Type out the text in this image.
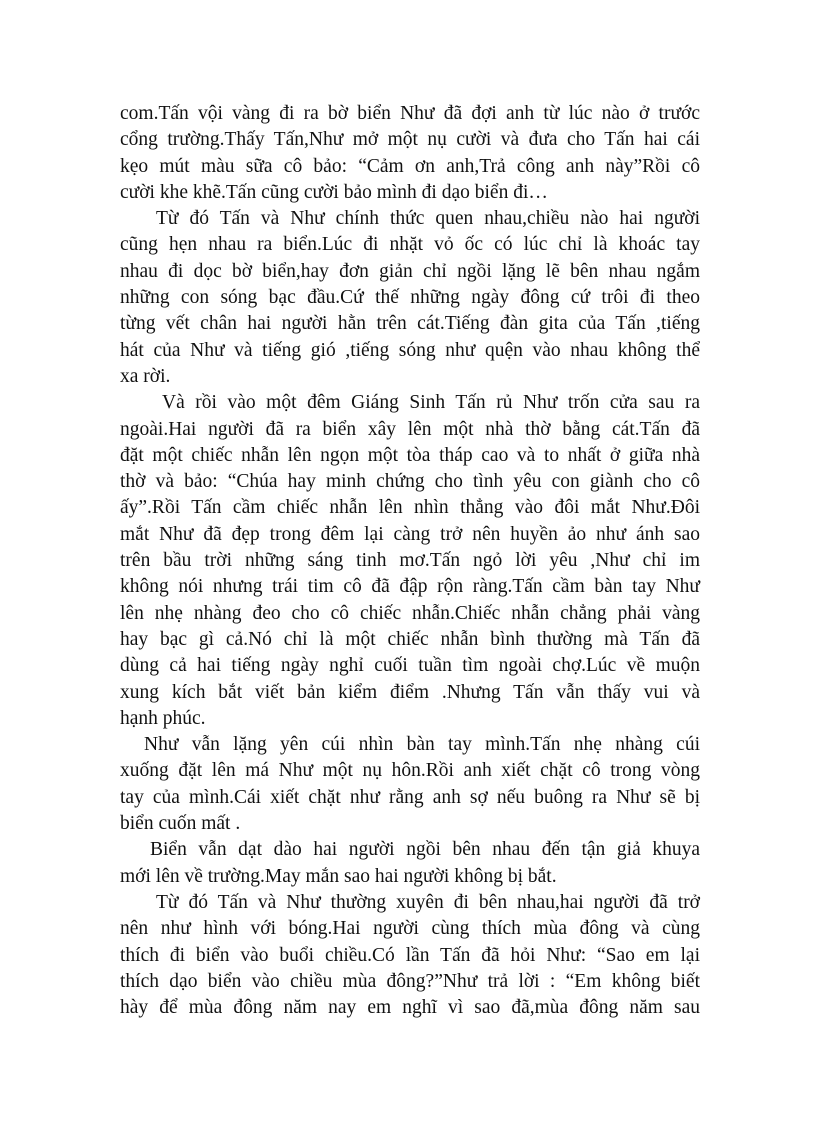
com.Tấn vội vàng đi ra bờ biển Như đã đợi anh từ lúc nào ở trước
cổng trường.Thấy Tấn,Như mở một nụ cười và đưa cho Tấn hai cái
kẹo mút màu sữa cô bảo: “Cảm ơn anh,Trả công anh này”Rồi cô
cười khe khẽ.Tấn cũng cười bảo mình đi dạo biển đi…
Từ đó Tấn và Như chính thức quen nhau,chiều nào hai người
cũng hẹn nhau ra biển.Lúc đi nhặt vỏ ốc có lúc chỉ là khoác tay
nhau đi dọc bờ biển,hay đơn giản chỉ ngồi lặng lẽ bên nhau ngắm
những con sóng bạc đầu.Cứ thế những ngày đông cứ trôi đi theo
từng vết chân hai người hằn trên cát.Tiếng đàn gita của Tấn ,tiếng
hát của Như và tiếng gió ,tiếng sóng như quện vào nhau không thể
xa rời.
Và rồi vào một đêm Giáng Sinh Tấn rủ Như trốn cửa sau ra
ngoài.Hai người đã ra biển xây lên một nhà thờ bằng cát.Tấn đã
đặt một chiếc nhẫn lên ngọn một tòa tháp cao và to nhất ở giữa nhà
thờ và bảo: “Chúa hay minh chứng cho tình yêu con giành cho cô
ấy”.Rồi Tấn cầm chiếc nhẫn lên nhìn thẳng vào đôi mắt Như.Đôi
mắt Như đã đẹp trong đêm lại càng trở nên huyền ảo như ánh sao
trên bầu trời những sáng tinh mơ.Tấn ngỏ lời yêu ,Như chỉ im
không nói nhưng trái tim cô đã đập rộn ràng.Tấn cầm bàn tay Như
lên nhẹ nhàng đeo cho cô chiếc nhẫn.Chiếc nhẫn chẳng phải vàng
hay bạc gì cả.Nó chỉ là một chiếc nhẫn bình thường mà Tấn đã
dùng cả hai tiếng ngày nghỉ cuối tuần tìm ngoài chợ.Lúc về muộn
xung kích bắt viết bản kiểm điểm .Nhưng Tấn vẫn thấy vui và
hạnh phúc.
Như vẫn lặng yên cúi nhìn bàn tay mình.Tấn nhẹ nhàng cúi
xuống đặt lên má Như một nụ hôn.Rồi anh xiết chặt cô trong vòng
tay của mình.Cái xiết chặt như rằng anh sợ nếu buông ra Như sẽ bị
biển cuốn mất .
Biển vẫn dạt dào hai người ngồi bên nhau đến tận giả khuya
mới lên về trường.May mắn sao hai người không bị bắt.
Từ đó Tấn và Như thường xuyên đi bên nhau,hai người đã trở
nên như hình với bóng.Hai người cùng thích mùa đông và cùng
thích đi biển vào buổi chiều.Có lần Tấn đã hỏi Như: “Sao em lại
thích dạo biển vào chiều mùa đông?”Như trả lời : “Em không biết
hày để mùa đông năm nay em nghĩ vì sao đã,mùa đông năm sau
